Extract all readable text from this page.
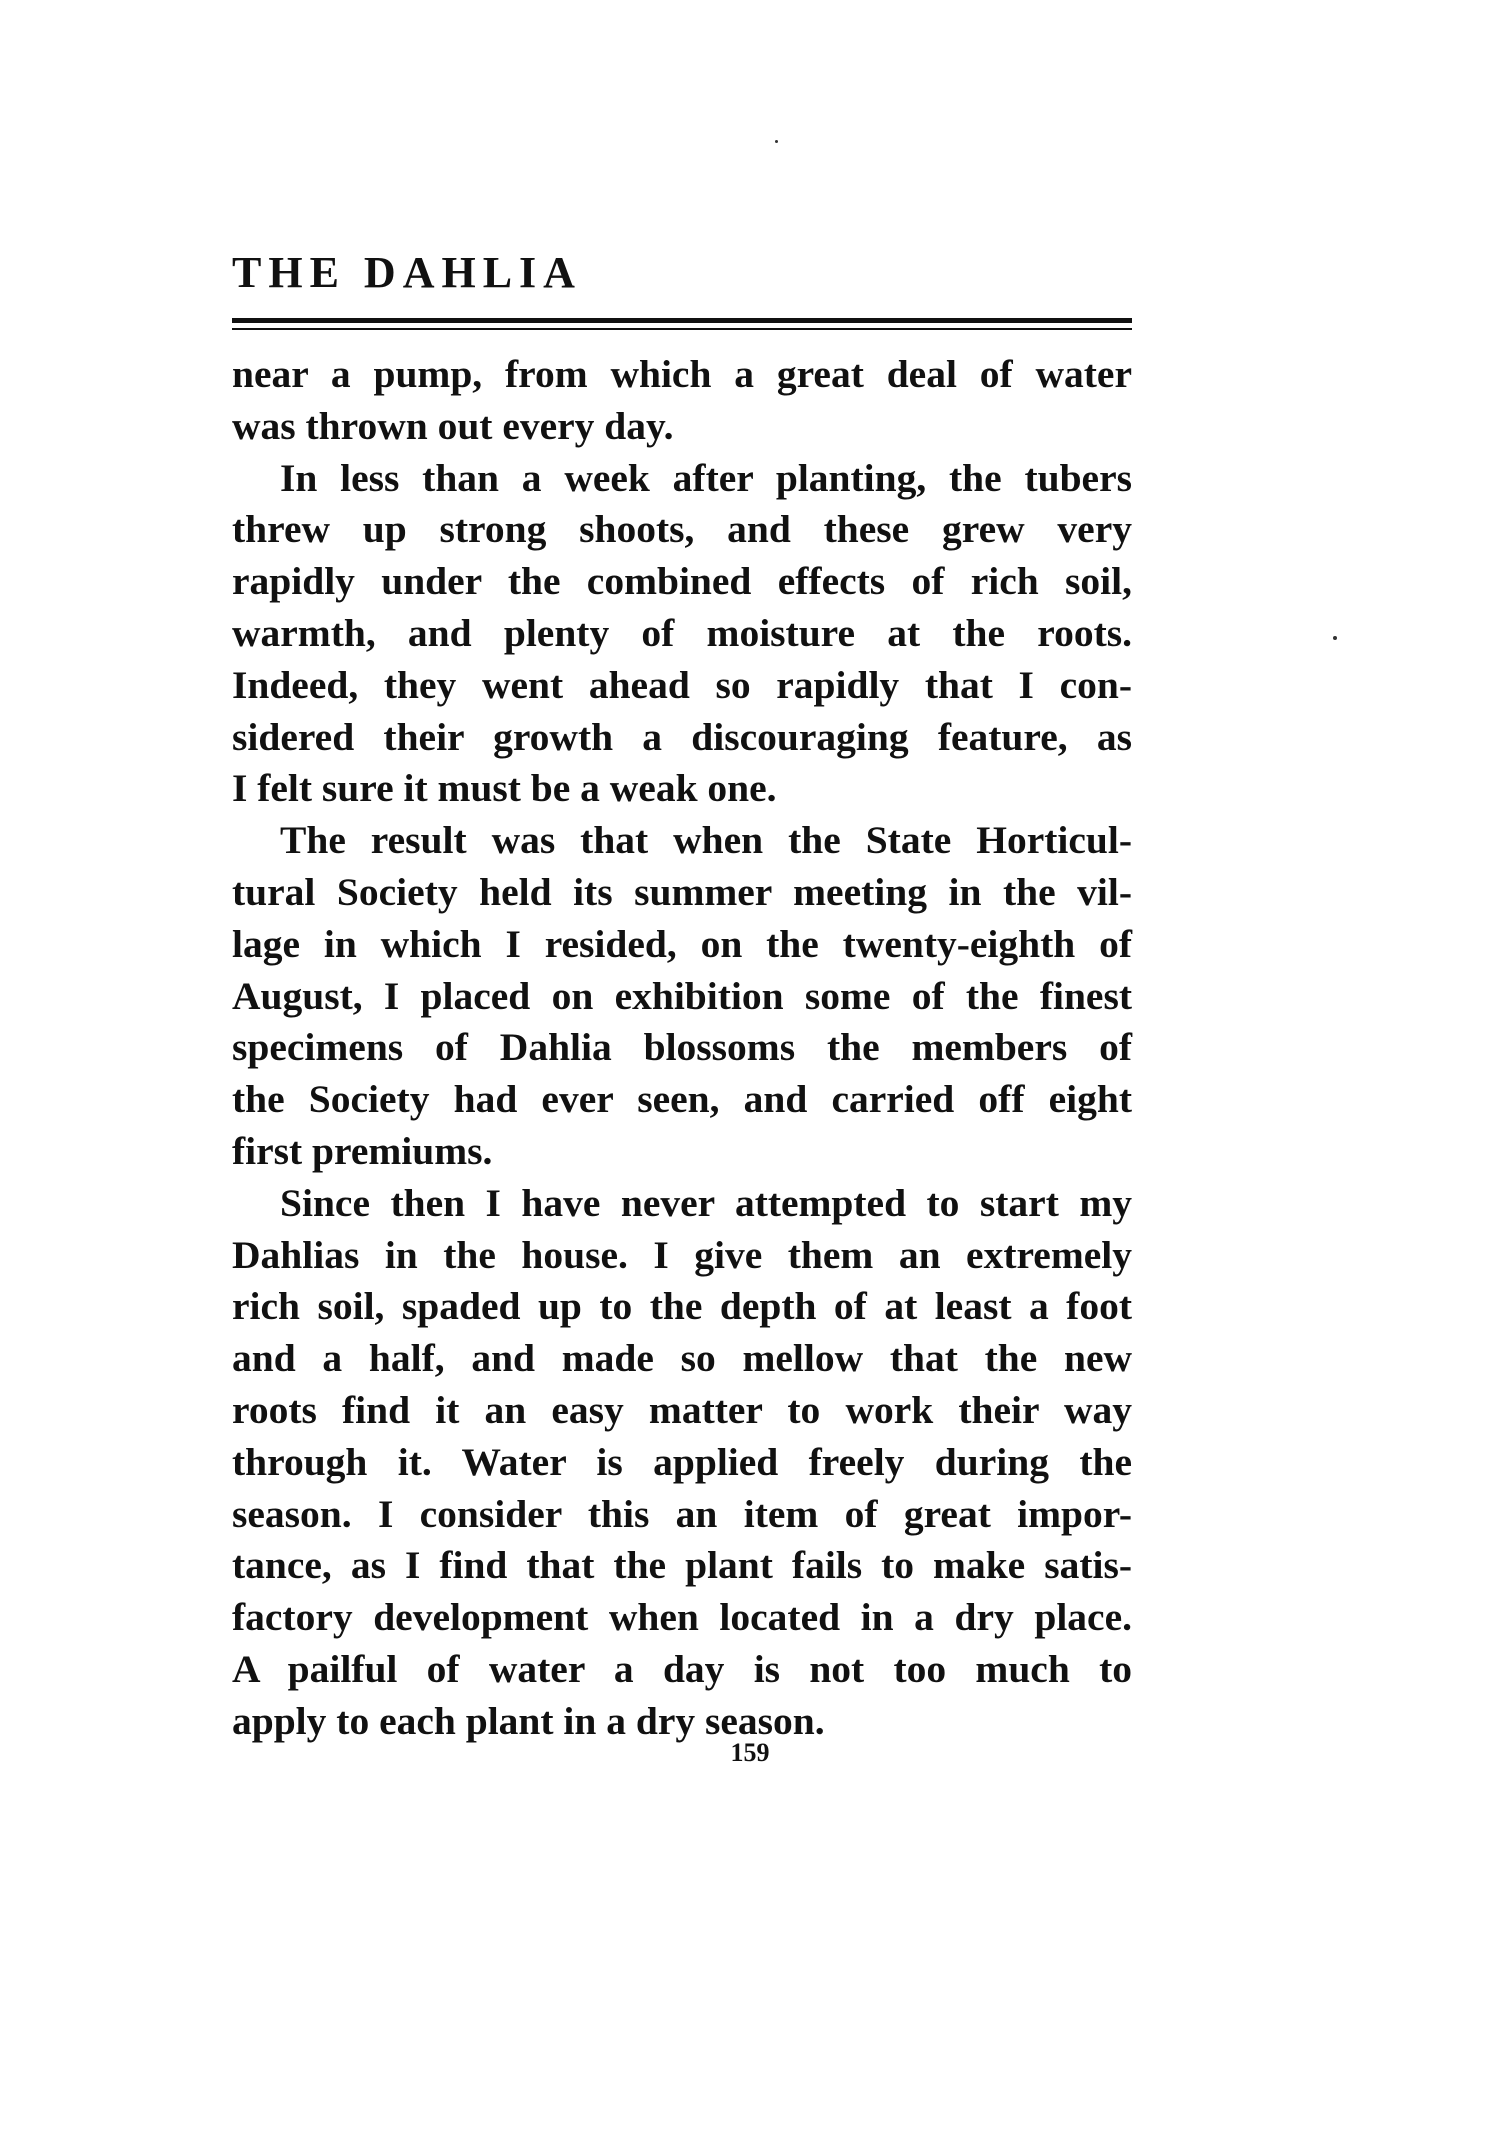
THE DAHLIA
near a pump, from which a great deal of water
was thrown out every day.
In less than a week after planting, the tubers
threw up strong shoots, and these grew very
rapidly under the combined effects of rich soil,
warmth, and plenty of moisture at the roots.
Indeed, they went ahead so rapidly that I con-
sidered their growth a discouraging feature, as
I felt sure it must be a weak one.
The result was that when the State Horticul-
tural Society held its summer meeting in the vil-
lage in which I resided, on the twenty-eighth of
August, I placed on exhibition some of the finest
specimens of Dahlia blossoms the members of
the Society had ever seen, and carried off eight
first premiums.
Since then I have never attempted to start my
Dahlias in the house. I give them an extremely
rich soil, spaded up to the depth of at least a foot
and a half, and made so mellow that the new
roots find it an easy matter to work their way
through it. Water is applied freely during the
season. I consider this an item of great impor-
tance, as I find that the plant fails to make satis-
factory development when located in a dry place.
A pailful of water a day is not too much to
apply to each plant in a dry season.
159
